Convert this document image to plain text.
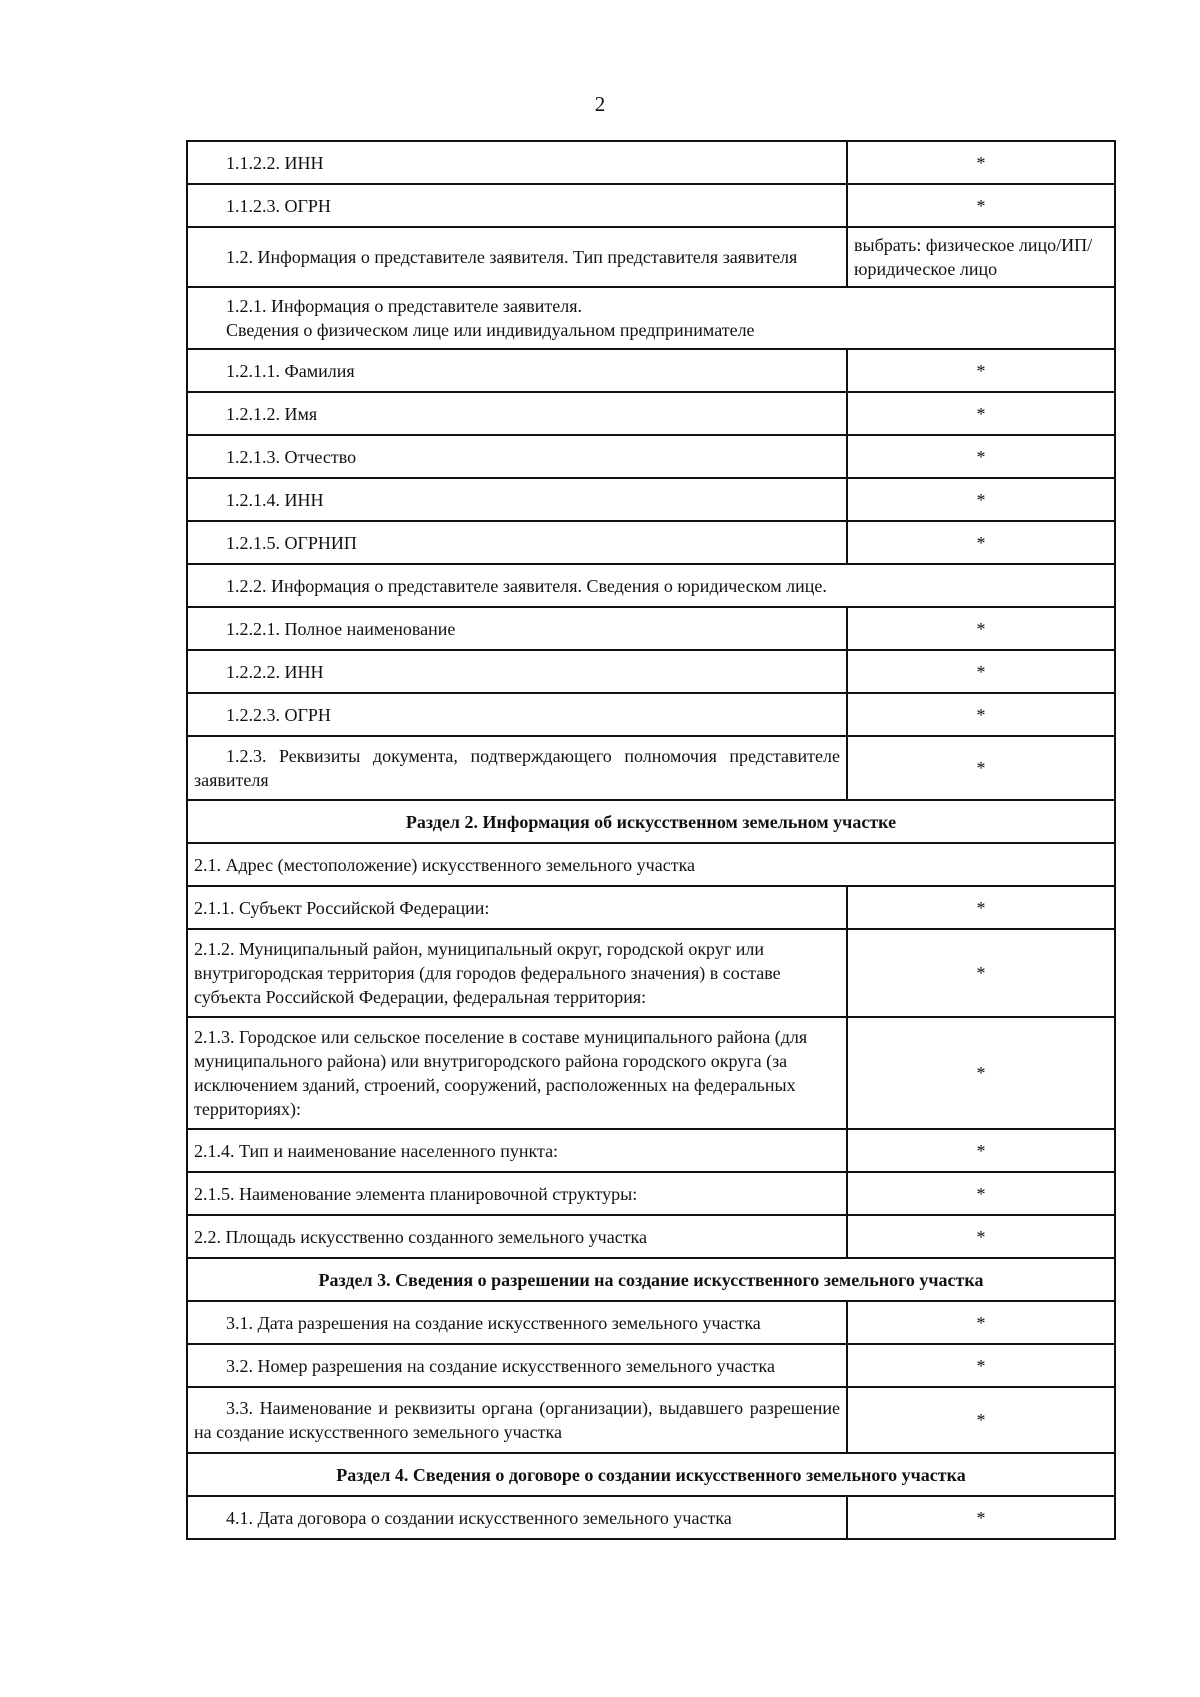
2
1.1.2.2. ИНН	*
1.1.2.3. ОГРН	*

1.2. Информация о представителе заявителя. Тип представителя заявителя	выбрать: физическое лицо/ИП/юридическое лицо

1.2.1. Информация о представителе заявителя.
Сведения о физическом лице или индивидуальном предпринимателе	

1.2.1.1. Фамилия	*
1.2.1.2. Имя	*
1.2.1.3. Отчество	*
1.2.1.4. ИНН	*
1.2.1.5. ОГРНИП	*
1.2.2. Информация о представителе заявителя. Сведения о юридическом лице.	
1.2.2.1. Полное наименование	*
1.2.2.2. ИНН	*
1.2.2.3. ОГРН	*

1.2.3. Реквизиты документа, подтверждающего полномочия представителе заявителя	*
Раздел 2. Информация об искусственном земельном участке	
2.1. Адрес (местоположение) искусственного земельного участка	
2.1.1. Субъект Российской Федерации:	*
2.1.2. Муниципальный район, муниципальный округ, городской округ или внутригородская территория (для городов федерального значения) в составе субъекта Российской Федерации, федеральная территория:	*
2.1.3. Городское или сельское поселение в составе муниципального района (для муниципального района) или внутригородского района городского округа (за исключением зданий, строений, сооружений, расположенных на федеральных территориях):	*
2.1.4. Тип и наименование населенного пункта:	*
2.1.5. Наименование элемента планировочной структуры:	*
2.2. Площадь искусственно созданного земельного участка	*
Раздел 3. Сведения о разрешении на создание искусственного земельного участка	
3.1. Дата разрешения на создание искусственного земельного участка	*
3.2. Номер разрешения на создание искусственного земельного участка	*

3.3. Наименование и реквизиты органа (организации), выдавшего разрешение на создание искусственного земельного участка	*
Раздел 4. Сведения о договоре о создании искусственного земельного участка	
4.1. Дата договора о создании искусственного земельного участка	*
